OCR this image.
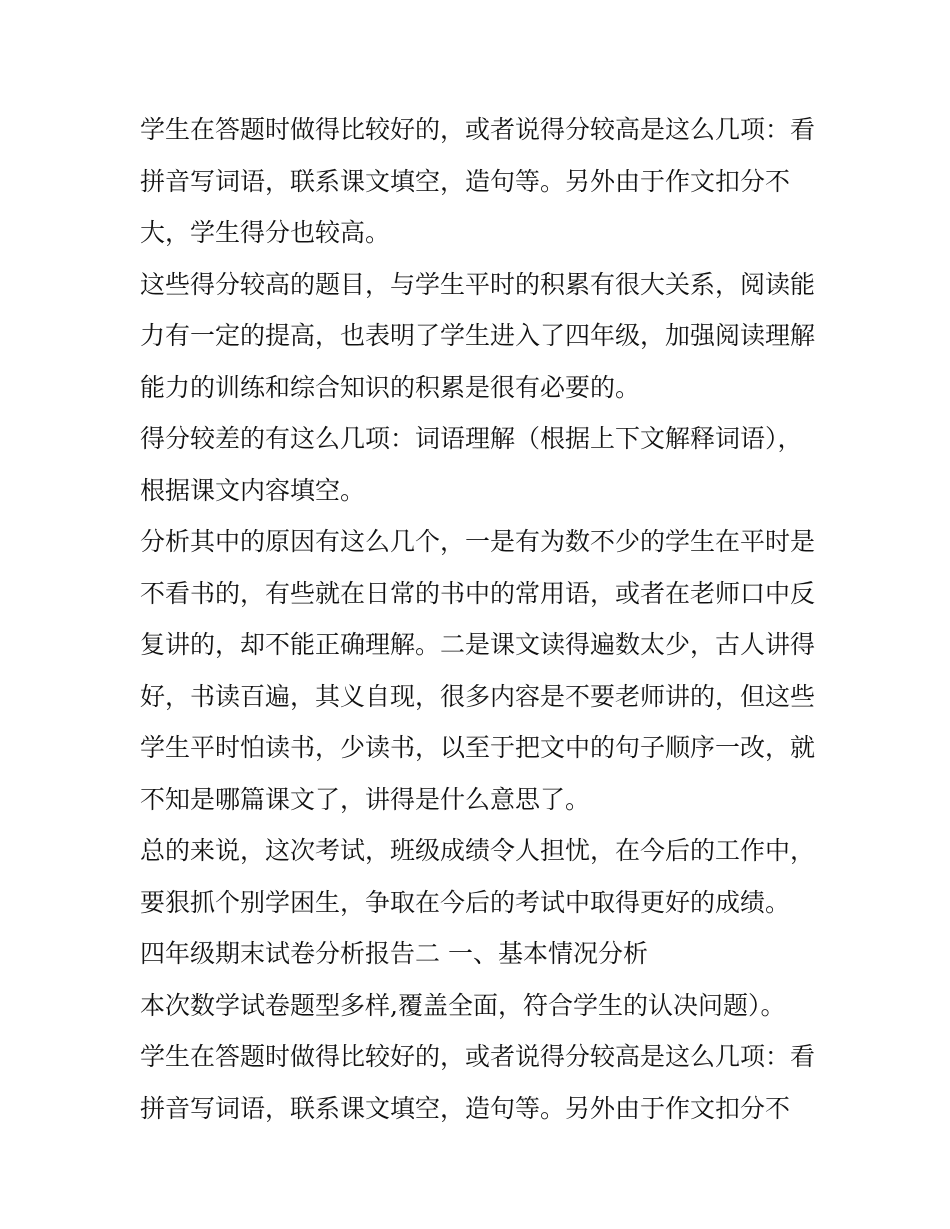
学生在答题时做得比较好的，或者说得分较高是这么几项：看
拼音写词语，联系课文填空，造句等。另外由于作文扣分不
大，学生得分也较高。
这些得分较高的题目，与学生平时的积累有很大关系，阅读能
力有一定的提高，也表明了学生进入了四年级，加强阅读理解
能力的训练和综合知识的积累是很有必要的。
得分较差的有这么几项：词语理解（根据上下文解释词语），
根据课文内容填空。
分析其中的原因有这么几个，一是有为数不少的学生在平时是
不看书的，有些就在日常的书中的常用语，或者在老师口中反
复讲的，却不能正确理解。二是课文读得遍数太少，古人讲得
好，书读百遍，其义自现，很多内容是不要老师讲的，但这些
学生平时怕读书，少读书，以至于把文中的句子顺序一改，就
不知是哪篇课文了，讲得是什么意思了。
总的来说，这次考试，班级成绩令人担忧，在今后的工作中，
要狠抓个别学困生，争取在今后的考试中取得更好的成绩。
四年级期末试卷分析报告二 一、基本情况分析
本次数学试卷题型多样,覆盖全面，符合学生的认决问题）。
学生在答题时做得比较好的，或者说得分较高是这么几项：看
拼音写词语，联系课文填空，造句等。另外由于作文扣分不
